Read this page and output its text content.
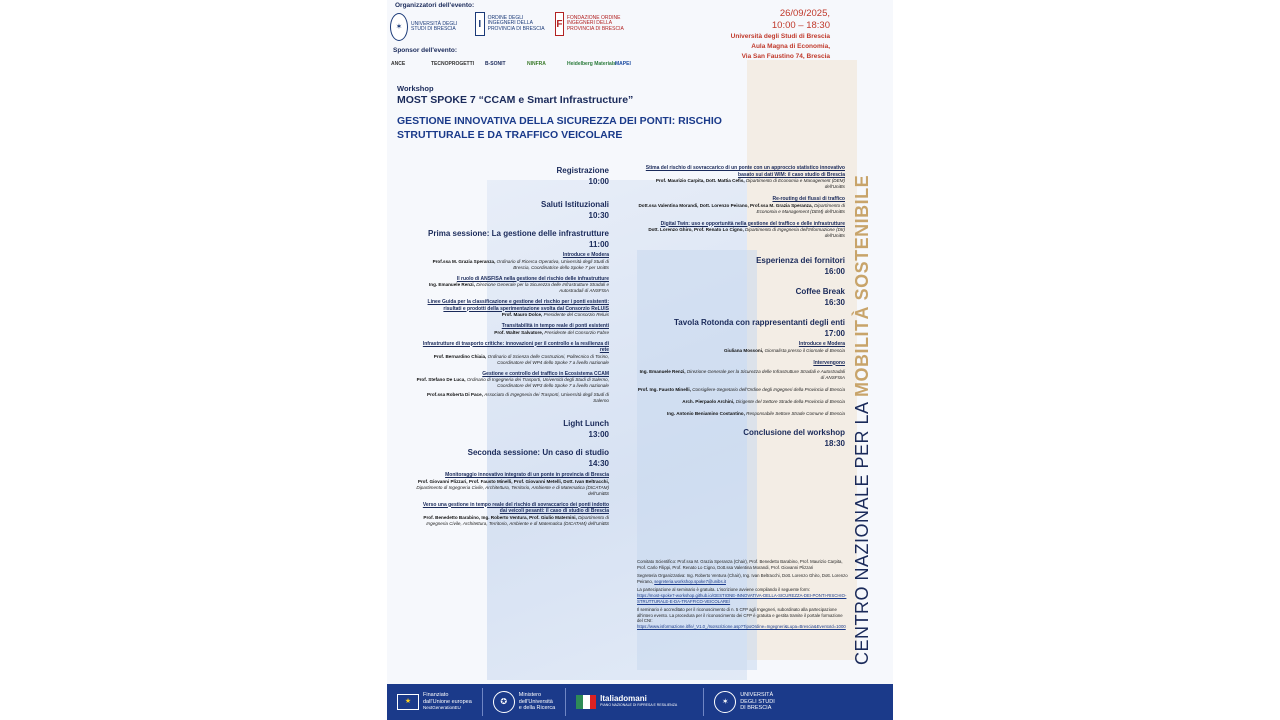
Organizzatori dell'evento:
✶	UNIVERSITÀ DEGLI STUDI DI BRESCIA	I
ORDINE DEGLI INGEGNERI DELLA PROVINCIA DI BRESCIA F
FONDAZIONE ORDINE INGEGNERI DELLA PROVINCIA DI BRESCIA
Sponsor dell'evento:
ANCE	TECNOPROGETTI B-SONIT	NINFRA	Heidelberg Materials MAPEI
26/09/2025,
10:00 – 18:30
Università degli Studi di Brescia
Aula Magna di Economia,
Via San Faustino 74, Brescia
Workshop
MOST SPOKE 7 “CCAM e Smart Infrastructure”
GESTIONE INNOVATIVA DELLA SICUREZZA DEI PONTI: RISCHIO
STRUTTURALE E DA TRAFFICO VEICOLARE
Registrazione
10:00
Saluti Istituzionali
10:30
Prima sessione: La gestione delle infrastrutture
11:00
Introduce e Modera
Prof.ssa M. Grazia Speranza, Ordinario di Ricerca Operativa, Università degli Studi di Brescia, Coordinatrice dello Spoke 7 per UniBs
Il ruolo di ANSFISA nella gestione del rischio delle infrastrutture
Ing. Emanuele Renzi, Direzione Generale per la Sicurezza delle Infrastrutture Stradali e Autostradali di ANSFISA
Linee Guida per la classificazione e gestione del rischio per i ponti esistenti: risultati e prodotti della sperimentazione svolta dal Consorzio ReLUIS
Prof. Mauro Dolce, Presidente del Consorzio Reluis
Transitabilità in tempo reale di ponti esistenti
Prof. Walter Salvatore, Presidente del Consorzio Fabre
Infrastrutture di trasporto critiche: innovazioni per il controllo e la resilienza di rete
Prof. Bernardino Chiaia, Ordinario di Scienza delle Costruzioni, Politecnico di Torino, Coordinatore del WP4 dello Spoke 7 a livello nazionale
Gestione e controllo del traffico in Ecosistema CCAM
Prof. Stefano De Luca, Ordinario di Ingegneria dei Trasporti, Università degli Studi di Salerno, Coordinatore del WP3 dello Spoke 7 a livello nazionale
Prof.ssa Roberta Di Pace, Associato di Ingegneria dei Trasporti, Università degli Studi di Salerno
Light Lunch
13:00
Seconda sessione: Un caso di studio
14:30
Monitoraggio innovativo integrato di un ponte in provincia di Brescia
Prof. Giovanni Plizzari, Prof. Fausto Minelli, Prof. Giovanni Metelli, Dott. Ivan Beltracchi, Dipartimento di Ingegneria Civile, Architettura, Territorio, Ambiente e di Matematica (DICATAM) dell'UniBS
Verso una gestione in tempo reale del rischio di sovraccarico dei ponti indotto dai veicoli pesanti: il caso di studio di Brescia
Prof. Benedetto Barabino, Ing. Roberto Ventura, Prof. Giulio Maternini, Dipartimento di Ingegneria Civile, Architettura, Territorio, Ambiente e di Matematica (DICATAM) dell'UniBS
Stima del rischio di sovraccarico di un ponte con un approccio statistico innovativo basato sui dati WIM: il caso studio di Brescia
Prof. Maurizio Carpita, Dott. Mattia Cefis, Dipartimento di Economia e Management (DEM) dell'UniBs
Re-routing dei flussi di traffico
Dott.ssa Valentina Morandi, Dott. Lorenzo Peirano, Prof.ssa M. Grazia Speranza, Dipartimento di Economia e Management (DEM) dell'UniBs
Digital Twin: uso e opportunità nella gestione del traffico e delle infrastrutture
Dott. Lorenzo Ghiro, Prof. Renato Lo Cigno, Dipartimento di Ingegneria dell'Informazione (DII) dell'UniBs
Esperienza dei fornitori
16:00
Coffee Break
16:30
Tavola Rotonda con rappresentanti degli enti
17:00
Introduce e Modera
Giuliana Mossoni, Giornalista presso il Giornale di Brescia
Intervengono
Ing. Emanuele Renzi, Direzione Generale per la Sicurezza delle Infrastrutture Stradali e Autostradali di ANSFISA
Prof. Ing. Fausto Minelli, Consigliere-Segretario dell'Ordine degli Ingegneri della Provincia di Brescia
Arch. Pierpaolo Archini, Dirigente del Settore Strade della Provincia di Brescia
Ing. Antonio Beniamino Costantino, Responsabile Settore Strade Comune di Brescia
Conclusione del workshop
18:30
Comitato Scientifico: Prof.ssa M. Grazia Speranza (Chair), Prof. Benedetto Barabino, Prof. Maurizio Carpita, Prof. Carlo Filippi, Prof. Renato Lo Cigno, Dott.ssa Valentina Morandi, Prof. Giovanni Plizzari
Segreteria Organizzativa: Ing. Roberto Ventura (Chair), Ing. Ivan Beltracchi, Dott. Lorenzo Ghiro, Dott. Lorenzo Peirano, segreteria.workshop.spoke7@unibs.it
La partecipazione al seminario è gratuita. L'iscrizione avviene compilando il seguente form:
https://most-spoke7-workshop.github.io/GESTIONE-INNOVATIVA-DELLA-SICUREZZA-DEI-PONTI-RISCHIO-STRUTTURALE-E-DA-TRAFFICO-VEICOLARE/
Il seminario è accreditato per il riconoscimento di n. 5 CFP agli Ingegneri, subordinato alla partecipazione all'intero evento. La procedura per il riconoscimento dei CFP è gratuita e gestita tramite il portale formazione del CNI:
https://www.isformazione.it/fe/_V1.0_/IsoIscrizione.asp?TipoOrdine=Ingegneri&Lupa=Brescia&EventoId=1000 CENTRO NAZIONALE PER LA MOBILITÀ SOSTENIBILE
★
Finanziato
dall'Unione europea
NextGenerationEU
✪
Ministero
dell'Università
e della Ricerca
Italiadomani
PIANO NAZIONALE DI RIPRESA E RESILIENZA	✶
UNIVERSITÀ
DEGLI STUDI
DI BRESCIA
